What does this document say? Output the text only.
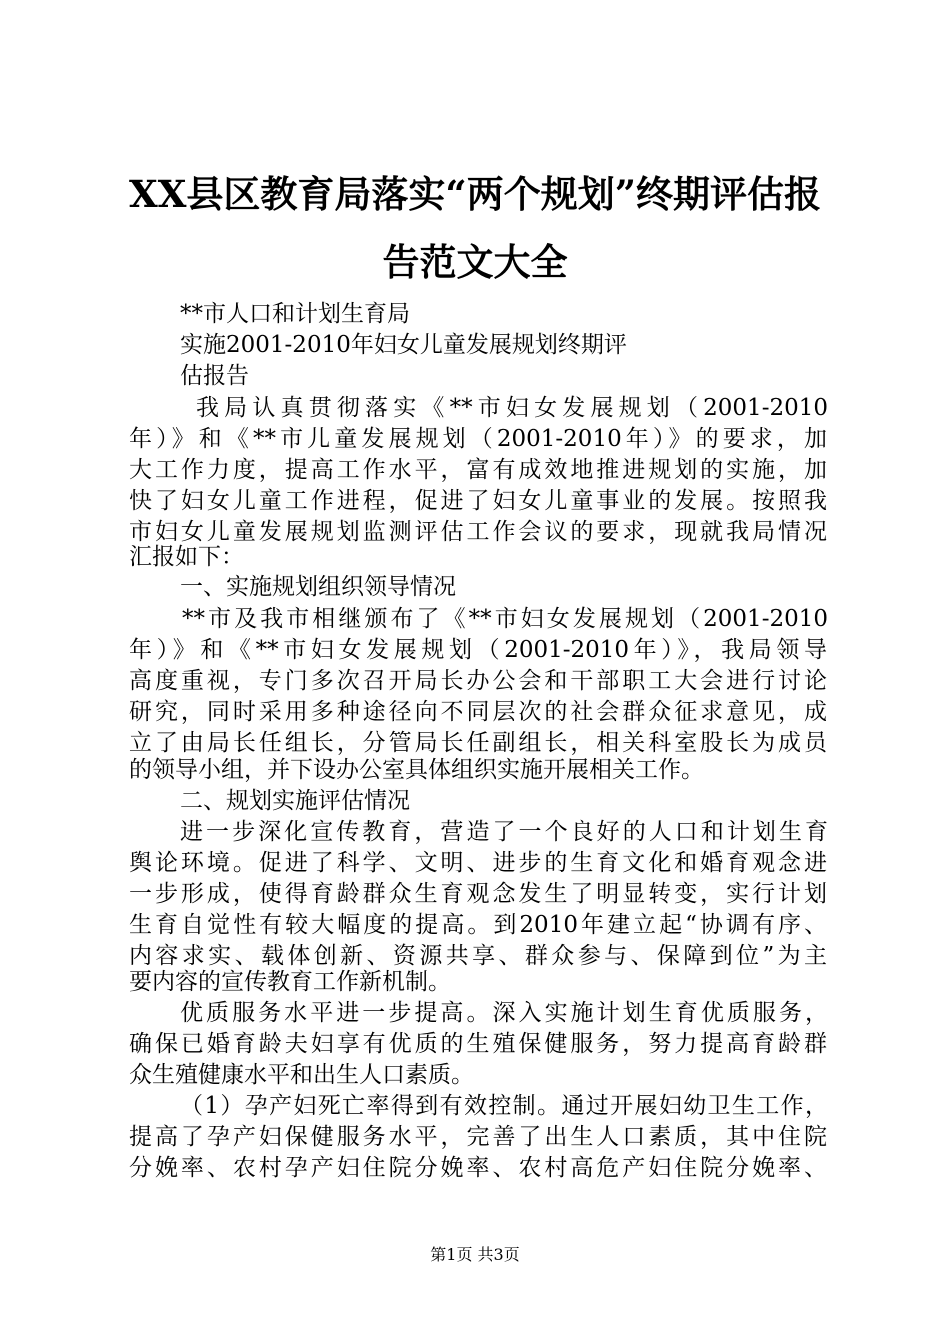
XX县区教育局落实“两个规划”终期评估报
告范文大全
**市人口和计划生育局
实施2001-2010年妇女儿童发展规划终期评
估报告
我局认真贯彻落实《**市妇女发展规划（2001-2010
年）》和《**市儿童发展规划（2001-2010年）》的要求，加
大工作力度，提高工作水平，富有成效地推进规划的实施，加
快了妇女儿童工作进程，促进了妇女儿童事业的发展。按照我
市妇女儿童发展规划监测评估工作会议的要求，现就我局情况
汇报如下：
一、实施规划组织领导情况
**市及我市相继颁布了《**市妇女发展规划（2001-2010
年）》和《**市妇女发展规划（2001-2010年）》，我局领导
高度重视，专门多次召开局长办公会和干部职工大会进行讨论
研究，同时采用多种途径向不同层次的社会群众征求意见，成
立了由局长任组长，分管局长任副组长，相关科室股长为成员
的领导小组，并下设办公室具体组织实施开展相关工作。
二、规划实施评估情况
进一步深化宣传教育，营造了一个良好的人口和计划生育
舆论环境。促进了科学、文明、进步的生育文化和婚育观念进
一步形成，使得育龄群众生育观念发生了明显转变，实行计划
生育自觉性有较大幅度的提高。到2010年建立起“协调有序、
内容求实、载体创新、资源共享、群众参与、保障到位”为主
要内容的宣传教育工作新机制。
优质服务水平进一步提高。深入实施计划生育优质服务，
确保已婚育龄夫妇享有优质的生殖保健服务，努力提高育龄群
众生殖健康水平和出生人口素质。
（1）孕产妇死亡率得到有效控制。通过开展妇幼卫生工作，
提高了孕产妇保健服务水平，完善了出生人口素质，其中住院
分娩率、农村孕产妇住院分娩率、农村高危产妇住院分娩率、
第1页 共3页
